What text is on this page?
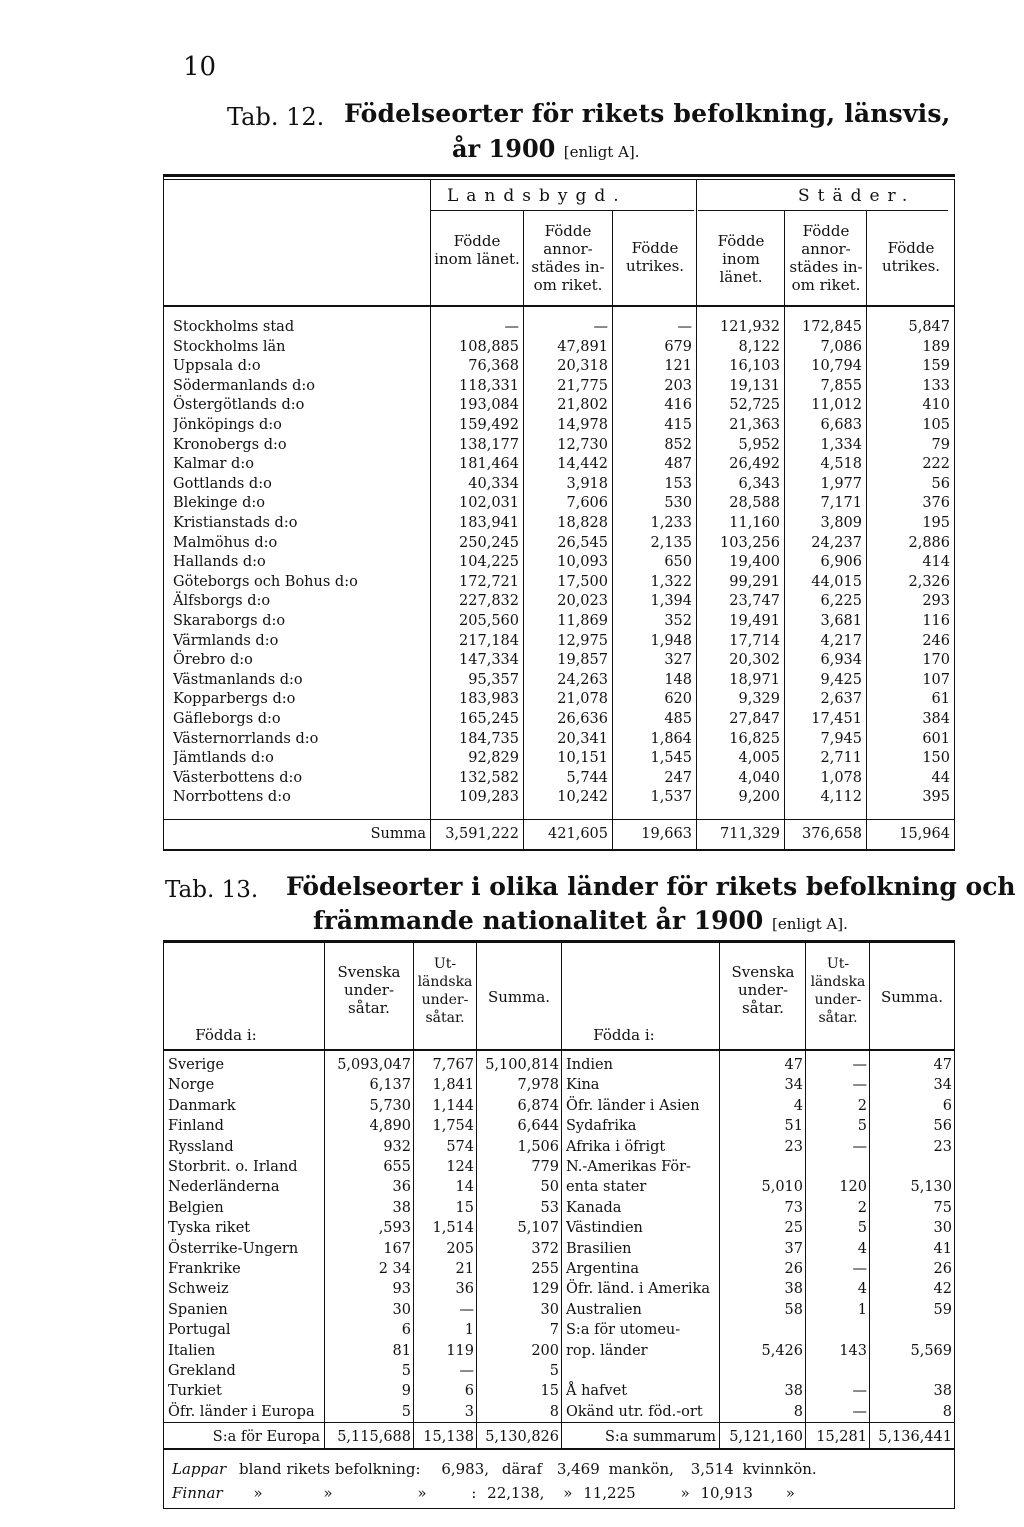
10
Tab. 12. Födelseorter för rikets befolkning, länsvis,
år 1900 [enligt A].
Landsbygd.	Städer.
Födde inom länet.
Födde annor-städes in-om riket.
Födde utrikes.
Födde inom länet.
Födde annor-städes in-om riket.
Födde utrikes.
Stockholms stad	—	—	—	121,932	172,845	5,847
Stockholms län	108,885	47,891	679	8,122	7,086	189
Uppsala d:o	76,368	20,318	121	16,103	10,794	159
Södermanlands d:o	118,331	21,775	203	19,131	7,855	133
Östergötlands d:o	193,084	21,802	416	52,725	11,012	410
Jönköpings d:o	159,492	14,978	415	21,363	6,683	105
Kronobergs d:o	138,177	12,730	852	5,952	1,334	79
Kalmar d:o	181,464	14,442	487	26,492	4,518	222
Gottlands d:o	40,334	3,918	153	6,343	1,977	56
Blekinge d:o	102,031	7,606	530	28,588	7,171	376
Kristianstads d:o	183,941	18,828	1,233	11,160	3,809	195
Malmöhus d:o	250,245	26,545	2,135	103,256	24,237	2,886
Hallands d:o	104,225	10,093	650	19,400	6,906	414
Göteborgs och Bohus d:o	172,721	17,500	1,322	99,291	44,015	2,326
Älfsborgs d:o	227,832	20,023	1,394	23,747	6,225	293
Skaraborgs d:o	205,560	11,869	352	19,491	3,681	116
Värmlands d:o	217,184	12,975	1,948	17,714	4,217	246
Örebro d:o	147,334	19,857	327	20,302	6,934	170
Västmanlands d:o	95,357	24,263	148	18,971	9,425	107
Kopparbergs d:o	183,983	21,078	620	9,329	2,637	61
Gäfleborgs d:o	165,245	26,636	485	27,847	17,451	384
Västernorrlands d:o	184,735	20,341	1,864	16,825	7,945	601
Jämtlands d:o	92,829	10,151	1,545	4,005	2,711	150
Västerbottens d:o	132,582	5,744	247	4,040	1,078	44
Norrbottens d:o	109,283	10,242	1,537	9,200	4,112	395
Summa	3,591,222	421,605	19,663	711,329	376,658	15,964
Tab. 13. Födelseorter i olika länder för rikets befolkning och
främmande nationalitet år 1900 [enligt A].
Födda i:
Svenska under-såtar.
Ut-ländska under-såtar.
Summa.
Födda i:
Svenska under-såtar.
Ut-ländska under-såtar.
Summa.
Sverige	5,093,047	7,767 5,100,814
Norge	6,137	1,841	7,978
Danmark	5,730	1,144	6,874
Finland	4,890	1,754	6,644
Ryssland	932	574	1,506
Storbrit. o. Irland	655	124	779
Nederländerna	36	14	50
Belgien	38	15	53
Tyska riket	,593	1,514	5,107
Österrike-Ungern	167	205	372
Frankrike	2 34	21	255
Schweiz	93	36	129
Spanien	30	—	30
Portugal	6	1	7
Italien	81	119	200
Grekland	5	—	5
Turkiet	9	6	15
Öfr. länder i Europa	5	3	8
Indien	47	—	47
Kina	34	—	34
Öfr. länder i Asien	4	2	6
Sydafrika	51	5	56
Afrika i öfrigt	23	—	23
N.-Amerikas För-
enta stater	5,010	120	5,130
Kanada	73	2	75
Västindien	25	5	30
Brasilien	37	4	41
Argentina	26	—	26
Öfr. länd. i Amerika	38	4	42
Australien	58	1	59
S:a för utomeu-
rop. länder	5,426	143	5,569
Å hafvet	38	—	38
Okänd utr. föd.-ort	8	—	8
S:a för Europa	5,115,688 15,138 5,130,826	S:a summarum 5,121,160 15,281 5,136,441
Lappar bland rikets befolkning: 6,983, däraf 3,469 mankön, 3,514 kvinnkön.
Finnar »	»	»	: 22,138, » 11,225	» 10,913 »
